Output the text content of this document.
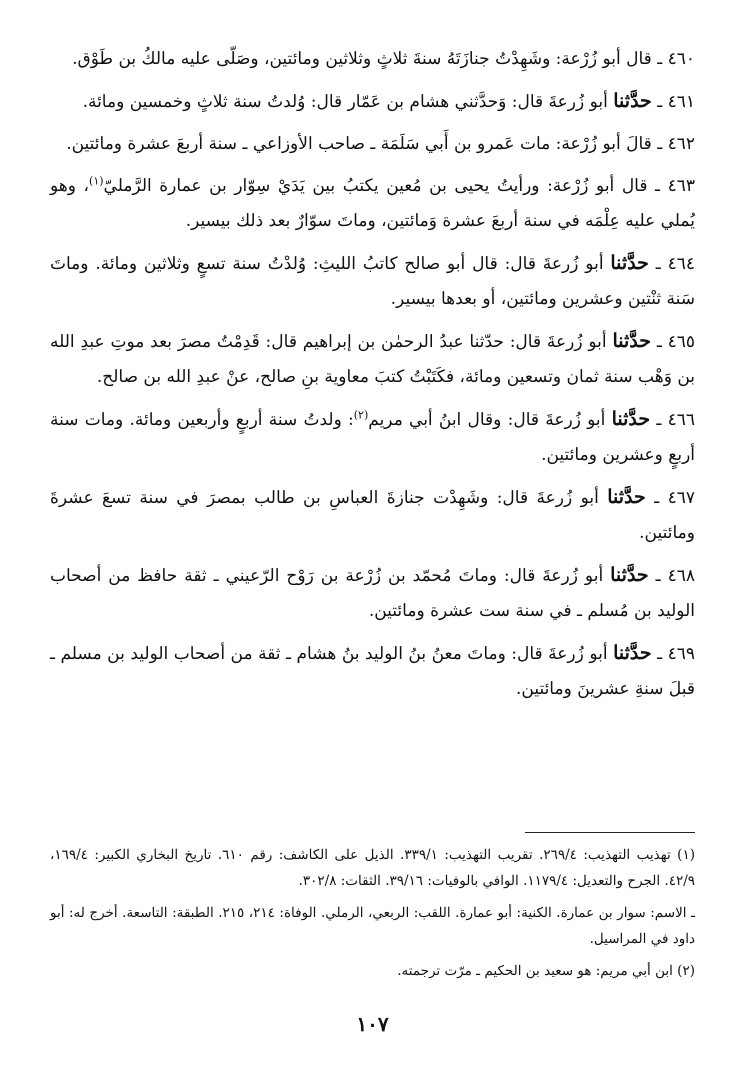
٤٦٠ ـ قال أبو زُرْعة: وشَهِدْتُ جنازَتَهُ سنةَ ثلاثٍ وثلاثين ومائتين، وصَلّى عليه مالكُ بن طَوْق.

٤٦١ ـ حدَّثنا أبو زُرعةَ قال: وَحدَّثني هشام بن عَمّار قال: وُلدتُ سنة ثلاثٍ وخمسين ومائة.

٤٦٢ ـ قالَ أبو زُرْعة: مات عَمرو بن أَبي سَلَمَة ـ صاحب الأوزاعي ـ سنة أربعَ عشرة ومائتين.

٤٦٣ ـ قال أبو زُرْعة: ورأيتُ يحيى بن مُعين يكتبُ بين يَدَيْ سِوّار بن عمارة الرَّمليّ$^{(١)}$، وهو يُملي عليه عِلْمَه في سنة أربعَ عشرة وَمائتين، وماتَ سوّارٌ بعد ذلك بيسير.

٤٦٤ ـ حدَّثنا أبو زُرعةَ قال: قال أبو صالح كاتبُ الليثِ: وُلدْتُ سنة تسعٍ وثلاثين ومائة. وماتَ سَنة ثنْتين وعشرين ومائتين، أو بعدها بيسير.

٤٦٥ ـ حدَّثنا أبو زُرعةَ قال: حدّثنا عبدُ الرحمٰن بن إبراهيم قال: قَدِمْتُ مصرَ بعد موتِ عبدِ الله بن وَهْب سنة ثمان وتسعين ومائة، فكَتَبْتُ كتبَ معاوية بنِ صالح، عنْ عبدِ الله بن صالح.

٤٦٦ ـ حدَّثنا أبو زُرعةَ قال: وقال ابنُ أبي مريم$^{(٢)}$: ولدتُ سنة أربعٍ وأربعين ومائة. ومات سنة أربعٍ وعشرين ومائتين.

٤٦٧ ـ حدَّثنا أبو زُرعةَ قال: وشَهِدْت جنازةَ العباسِ بن طالب بمصرَ في سنة تسعَ عشرةَ ومائتين.

٤٦٨ ـ حدَّثنا أبو زُرعةَ قال: وماتَ مُحمّد بن زُرْعة بن رَوْح الرّعيني ـ ثقة حافظ من أصحاب الوليد بن مُسلم ـ في سنة ست عشرة ومائتين.

٤٦٩ ـ حدَّثنا أبو زُرعةَ قال: وماتَ معنُ بنُ الوليد بنُ هشام ـ ثقة من أصحاب الوليد بن مسلم ـ قبلَ سنةِ عشرينَ ومائتين.

(١) تهذيب التهذيب: ٢٦٩/٤. تقريب التهذيب: ٣٣٩/١. الذيل على الكاشف: رقم ٦١٠. تاريخ البخاري الكبير: ١٦٩/٤، ٤٢/٩. الجرح والتعديل: ١١٧٩/٤. الوافي بالوفيات: ٣٩/١٦. الثقات: ٣٠٢/٨.

ـ الاسم: سوار بن عمارة. الكنية: أبو عمارة. اللقب: الربعي، الرملي. الوفاة: ٢١٤، ٢١٥. الطبقة: التاسعة. أخرج له: أبو داود في المراسيل.

(٢) ابن أبي مريم: هو سعيد بن الحكيم ـ مرّت ترجمته.

١٠٧
